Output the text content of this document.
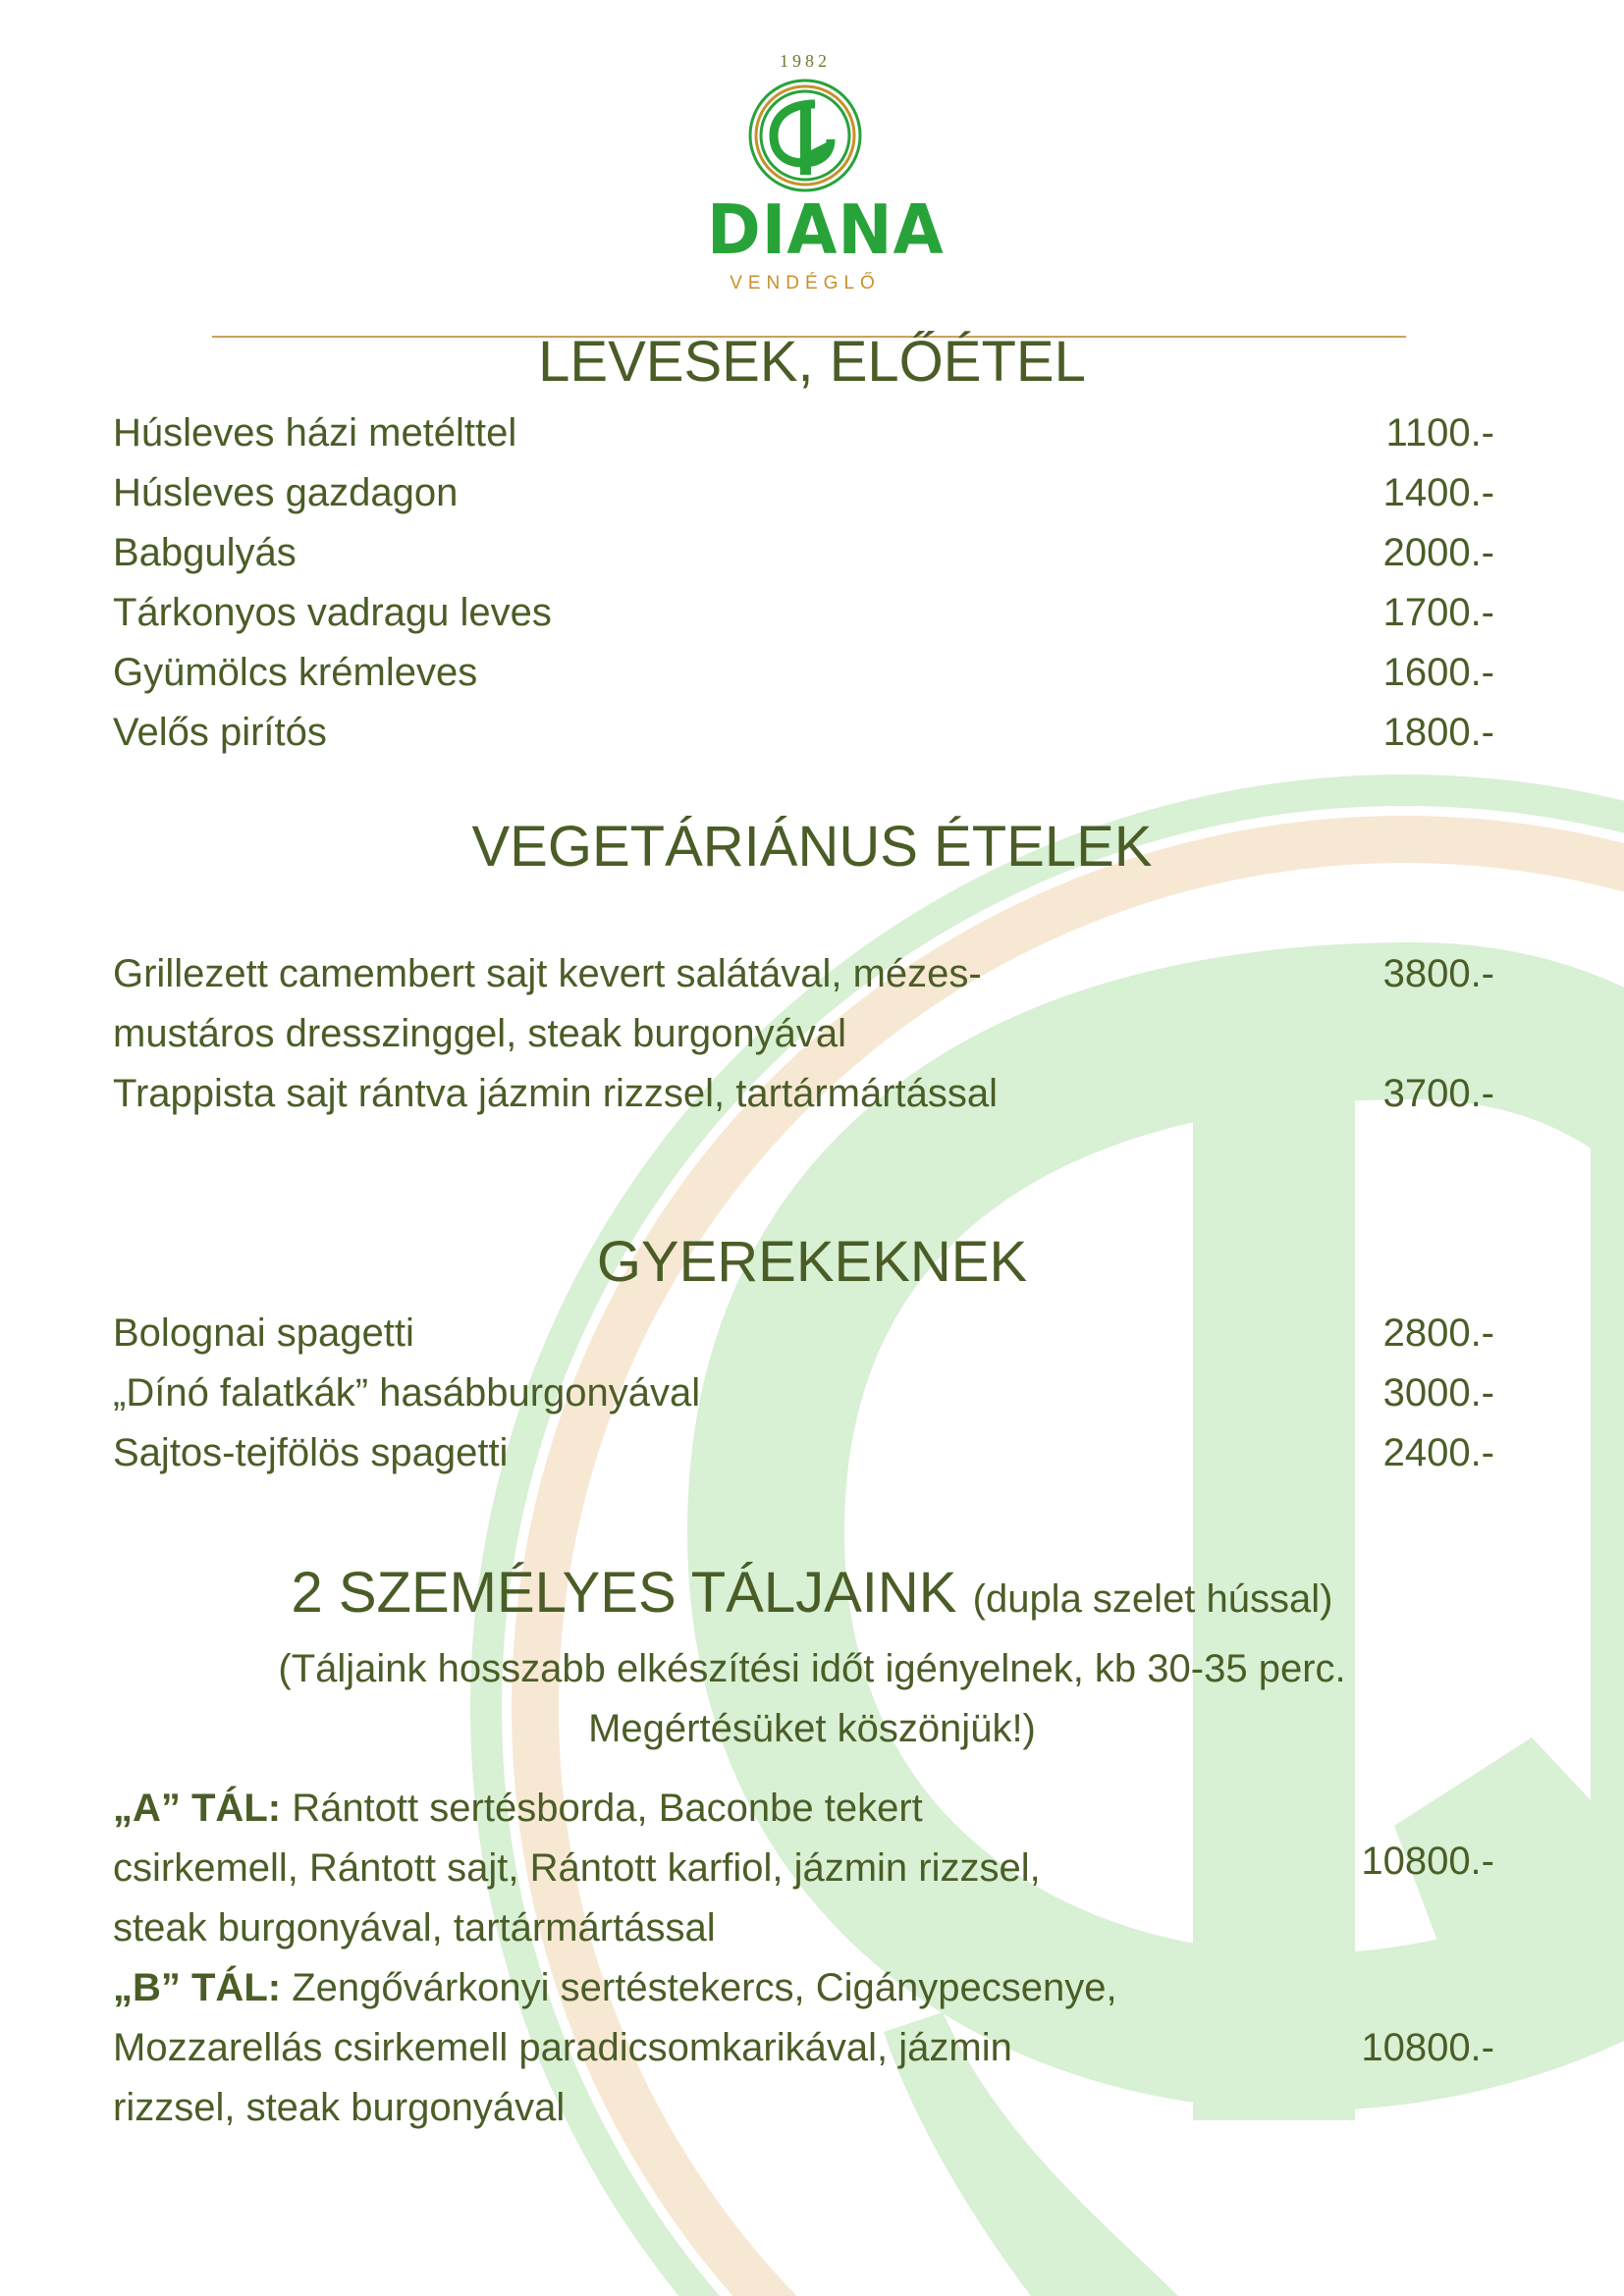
1982
DIANA
VENDÉGLŐ
LEVESEK, ELŐÉTEL
Húsleves házi metélttel	1100.-
Húsleves gazdagon	1400.-
Babgulyás	2000.-
Tárkonyos vadragu leves	1700.-
Gyümölcs krémleves	1600.-
Velős pirítós	1800.-
VEGETÁRIÁNUS ÉTELEK
Grillezett camembert sajt kevert salátával, mézes-	3800.-
mustáros dresszinggel, steak burgonyával
Trappista sajt rántva jázmin rizzsel, tartármártással	3700.-
GYEREKEKNEK
Bolognai spagetti	2800.-
„Dínó falatkák” hasábburgonyával	3000.-
Sajtos-tejfölös spagetti	2400.-
2 SZEMÉLYES TÁLJAINK (dupla szelet hússal)
(Táljaink hosszabb elkészítési időt igényelnek, kb 30-35 perc.
Megértésüket köszönjük!)
„A” TÁL: Rántott sertésborda, Baconbe tekert
csirkemell, Rántott sajt, Rántott karfiol, jázmin rizzsel,
steak burgonyával, tartármártással
10800.-
„B” TÁL: Zengővárkonyi sertéstekercs, Cigánypecsenye,
Mozzarellás csirkemell paradicsomkarikával, jázmin
rizzsel, steak burgonyával
10800.-
